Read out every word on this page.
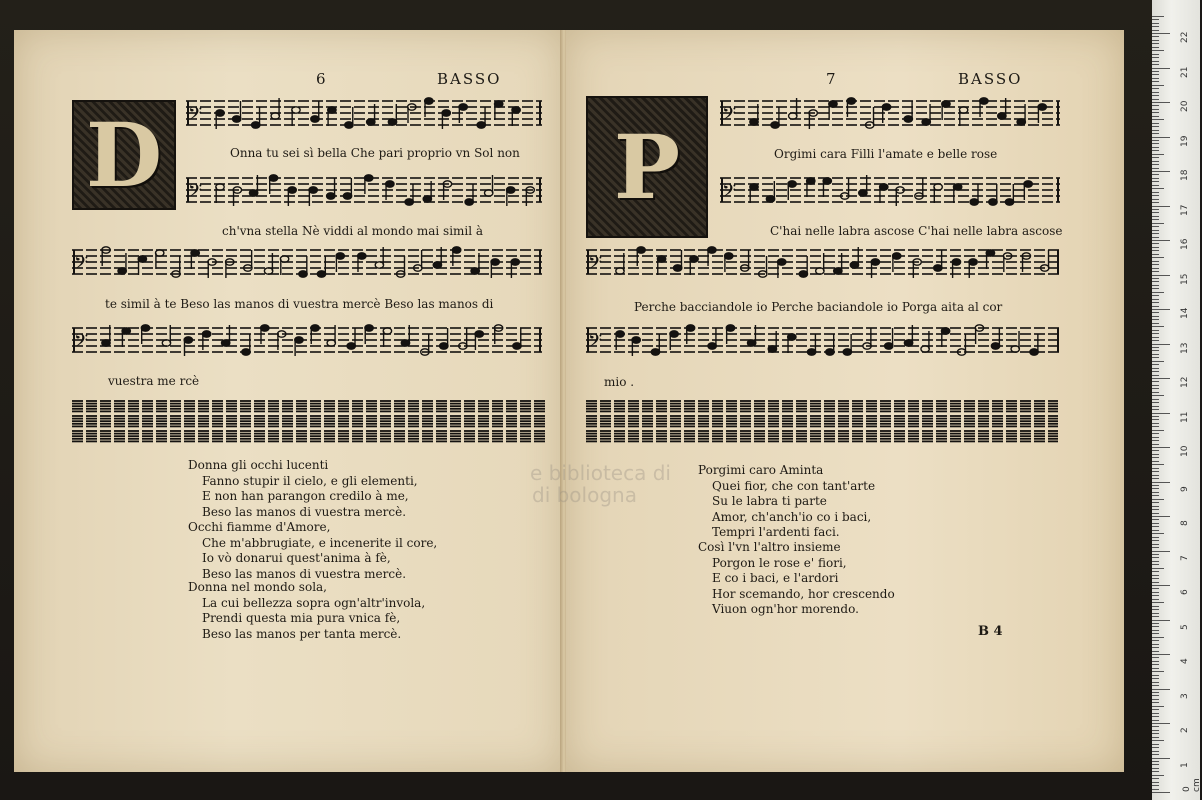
6	BASSO
D	𝄢
Onna tu sei sì bella Che pari proprio vn Sol non
𝄢
ch'vna stella Nè viddi al mondo mai simil à
𝄢
te simil à te Beso las manos di vuestra mercè Beso las manos di
𝄢
vuestra me rcè
Donna gli occhi lucenti
Fanno stupir il cielo, e gli elementi,
E non han parangon credilo à me,
Beso las manos di vuestra mercè.
Occhi fiamme d'Amore,
Che m'abbrugiate, e incenerite il core,
Io vò donarui quest'anima à fè,
Beso las manos di vuestra mercè.
Donna nel mondo sola,
La cui bellezza sopra ogn'altr'invola,
Prendi questa mia pura vnica fè,
Beso las manos per tanta mercè.
7	BASSO
P	𝄢
Orgimi cara Filli l'amate e belle rose
𝄢
C'hai nelle labra ascose C'hai nelle labra ascose
𝄢
Perche bacciandole io Perche baciandole io Porga aita al cor
𝄢
mio .
Porgimi caro Aminta
Quei fior, che con tant'arte
Su le labra ti parte
Amor, ch'anch'io co i baci,
Tempri l'ardenti faci.
Così l'vn l'altro insieme
Porgon le rose e' fiori,
E co i baci, e l'ardori
Hor scemando, hor crescendo
Viuon ogn'hor morendo.
B 4
e biblioteca di
di bologna
0 cm
22
21
20
19
18
17
16
15
14
13
12
11
10
9
8
7
6
5
4
3
2
1
